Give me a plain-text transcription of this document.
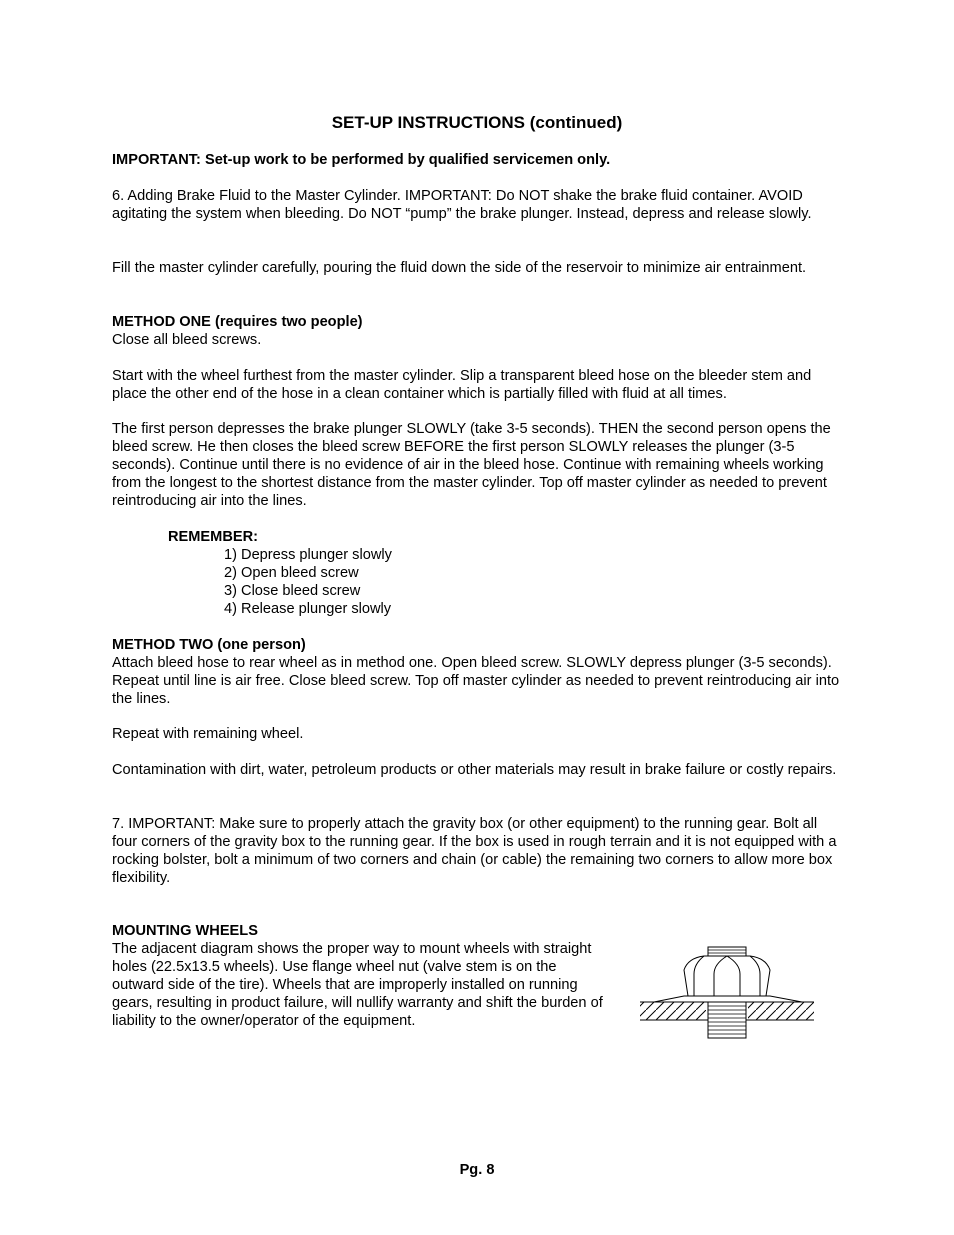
SET-UP INSTRUCTIONS (continued)
IMPORTANT: Set-up work to be performed by qualified servicemen only.
6. Adding Brake Fluid to the Master Cylinder. IMPORTANT: Do NOT shake the brake fluid container. AVOID agitating the system when bleeding. Do NOT “pump” the brake plunger. Instead, depress and release slowly.
Fill the master cylinder carefully, pouring the fluid down the side of the reservoir to minimize air entrainment.

METHOD ONE (requires two people)

Close all bleed screws.

Start with the wheel furthest from the master cylinder. Slip a transparent bleed hose on the bleeder stem and place the other end of the hose in a clean container which is partially filled with fluid at all times.
The first person depresses the brake plunger SLOWLY (take 3-5 seconds). THEN the second person opens the bleed screw. He then closes the bleed screw BEFORE the first person SLOWLY releases the plunger (3-5 seconds). Continue until there is no evidence of air in the bleed hose. Continue with remaining wheels working from the longest to the shortest distance from the master cylinder. Top off master cylinder as needed to prevent reintroducing air into the lines.
REMEMBER:
1) Depress plunger slowly
2) Open bleed screw
3) Close bleed screw
4) Release plunger slowly

METHOD TWO (one person)

Attach bleed hose to rear wheel as in method one. Open bleed screw. SLOWLY depress plunger (3-5 seconds). Repeat until line is air free. Close bleed screw. Top off master cylinder as needed to prevent reintroducing air into the lines.

Repeat with remaining wheel.
Contamination with dirt, water, petroleum products or other materials may result in brake failure or costly repairs.
7. IMPORTANT: Make sure to properly attach the gravity box (or other equipment) to the running gear. Bolt all four corners of the gravity box to the running gear. If the box is used in rough terrain and it is not equipped with a rocking bolster, bolt a minimum of two corners and chain (or cable) the remaining two corners to allow more box flexibility.

MOUNTING WHEELS

The adjacent diagram shows the proper way to mount wheels with straight holes (22.5x13.5 wheels). Use flange wheel nut (valve stem is on the outward side of the tire). Wheels that are improperly installed on running gears, resulting in product failure, will nullify warranty and shift the burden of liability to the owner/operator of the equipment.

Pg. 8
